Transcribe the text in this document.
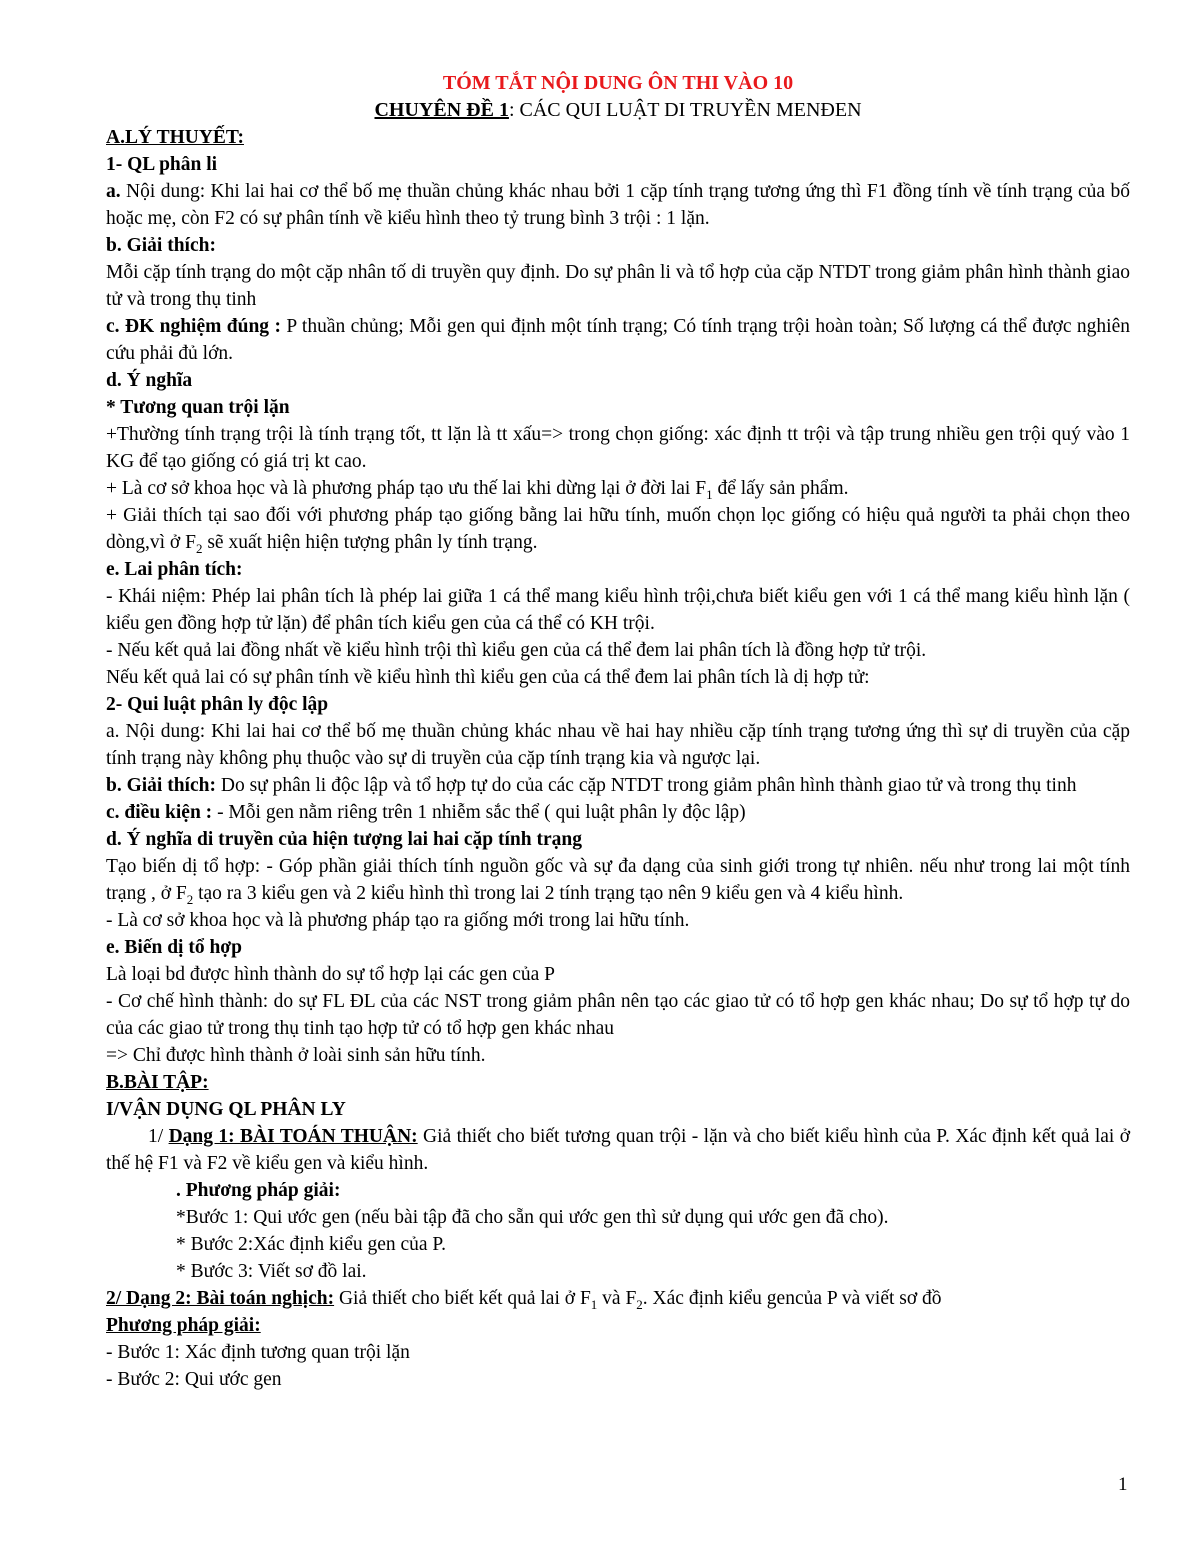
TÓM TẮT NỘI DUNG ÔN THI VÀO 10

CHUYÊN ĐỀ 1: CÁC QUI LUẬT DI TRUYỀN MENĐEN

A.LÝ THUYẾT:

1- QL phân li

a. Nội dung: Khi lai hai cơ thể bố mẹ thuần chủng khác nhau bởi 1 cặp tính trạng tương ứng thì F1 đồng tính về tính trạng của bố hoặc mẹ, còn F2 có sự phân tính về kiểu hình theo tỷ trung bình 3 trội : 1 lặn.

b. Giải thích:

Mỗi cặp tính trạng do một cặp nhân tố di truyền quy định. Do sự phân li và tổ hợp của cặp NTDT trong giảm phân hình thành giao tử và trong thụ tinh

c. ĐK nghiệm đúng : P thuần chủng; Mỗi gen qui định một tính trạng; Có tính trạng trội hoàn toàn; Số lượng cá thể được nghiên cứu phải đủ lớn.

d. Ý nghĩa

* Tương quan trội lặn

+Thường tính trạng trội là tính trạng tốt, tt lặn là tt xấu=> trong chọn giống: xác định tt trội và tập trung nhiều gen trội quý vào 1 KG để tạo giống có giá trị kt cao.

+ Là cơ sở khoa học và là phương pháp tạo ưu thế lai khi dừng lại ở đời lai $F_1$ để lấy sản phẩm.

+ Giải thích tại sao đối với phương pháp tạo giống bằng lai hữu tính, muốn chọn lọc giống có hiệu quả người ta phải chọn theo dòng,vì ở $F_2$ sẽ xuất hiện hiện tượng phân ly tính trạng.

e. Lai phân tích:

- Khái niệm: Phép lai phân tích là phép lai giữa 1 cá thể mang kiểu hình trội,chưa biết kiểu gen với 1 cá thể mang kiểu hình lặn ( kiểu gen đồng hợp tử lặn) để phân tích kiểu gen của cá thể có KH trội.

- Nếu kết quả lai đồng nhất về kiểu hình trội thì kiểu gen của cá thể đem lai phân tích là đồng hợp tử trội.

Nếu kết quả lai có sự phân tính về kiểu hình thì kiểu gen của cá thể đem lai phân tích là dị hợp tử:

2- Qui luật phân ly độc lập

a. Nội dung: Khi lai hai cơ thể bố mẹ thuần chủng khác nhau về hai hay nhiều cặp tính trạng tương ứng thì sự di truyền của cặp tính trạng này không phụ thuộc vào sự di truyền của cặp tính trạng kia và ngược lại.

b. Giải thích: Do sự phân li độc lập và tổ hợp tự do của các cặp NTDT trong giảm phân hình thành giao tử và trong thụ tinh

c. điều kiện : - Mỗi gen nằm riêng trên 1 nhiễm sắc thể ( qui luật phân ly độc lập)

d. Ý nghĩa di truyền của hiện tượng lai hai cặp tính trạng

Tạo biến dị tổ hợp: - Góp phần giải thích tính nguồn gốc và sự đa dạng của sinh giới trong tự nhiên. nếu như trong lai một tính trạng , ở $F_2$ tạo ra 3 kiểu gen và 2 kiểu hình thì trong lai 2 tính trạng tạo nên 9 kiểu gen và 4 kiểu hình.

- Là cơ sở khoa học và là phương pháp tạo ra giống mới trong lai hữu tính.

e. Biến dị tổ hợp

Là loại bd được hình thành do sự tổ hợp lại các gen của P

- Cơ chế hình thành: do sự FL ĐL của các NST trong giảm phân nên tạo các giao tử có tổ hợp gen khác nhau; Do sự tổ hợp tự do của các giao tử trong thụ tinh tạo hợp tử có tổ hợp gen khác nhau

=> Chỉ được hình thành ở loài sinh sản hữu tính.

B.BÀI TẬP:

I/VẬN DỤNG QL PHÂN LY

1/ Dạng 1: BÀI TOÁN THUẬN: Giả thiết cho biết tương quan trội - lặn và cho biết kiểu hình của P. Xác định kết quả lai ở thế hệ F1 và F2 về kiểu gen và kiểu hình.

. Phương pháp giải:

*Bước 1: Qui ước gen (nếu bài tập đã cho sẵn qui ước gen thì sử dụng qui ước gen đã cho).

* Bước 2:Xác định kiểu gen của P.

* Bước 3: Viết sơ đồ lai.

2/ Dạng 2: Bài toán nghịch: Giả thiết cho biết kết quả lai ở $F_1$ và $F_2$. Xác định kiểu gencủa P và viết sơ đồ

Phương pháp giải:

- Bước 1: Xác định tương quan trội lặn

- Bước 2: Qui ước gen

1
